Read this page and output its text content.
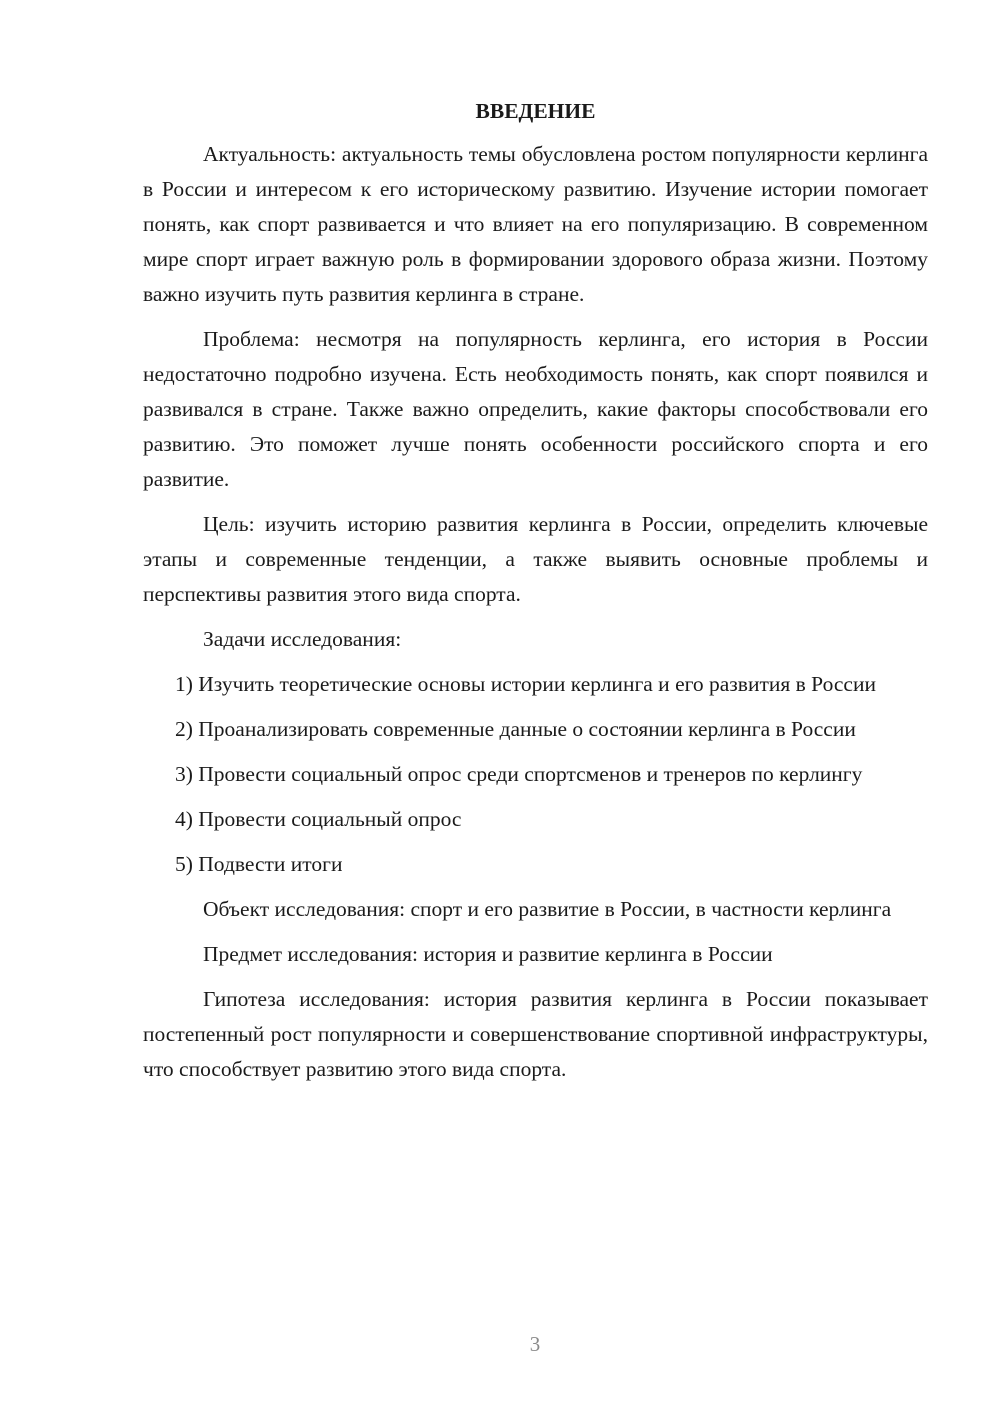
ВВЕДЕНИЕ

Актуальность: актуальность темы обусловлена ростом популярности керлинга в России и интересом к его историческому развитию. Изучение истории помогает понять, как спорт развивается и что влияет на его популяризацию. В современном мире спорт играет важную роль в формировании здорового образа жизни. Поэтому важно изучить путь развития керлинга в стране.

Проблема: несмотря на популярность керлинга, его история в России недостаточно подробно изучена. Есть необходимость понять, как спорт появился и развивался в стране. Также важно определить, какие факторы способствовали его развитию. Это поможет лучше понять особенности российского спорта и его развитие.

Цель: изучить историю развития керлинга в России, определить ключевые этапы и современные тенденции, а также выявить основные проблемы и перспективы развития этого вида спорта.

Задачи исследования:

1) Изучить теоретические основы истории керлинга и его развития в России

2) Проанализировать современные данные о состоянии керлинга в России

3) Провести социальный опрос среди спортсменов и тренеров по керлингу

4) Провести социальный опрос

5) Подвести итоги

Объект исследования: спорт и его развитие в России, в частности керлинга

Предмет исследования: история и развитие керлинга в России

Гипотеза исследования: история развития керлинга в России показывает постепенный рост популярности и совершенствование спортивной инфраструктуры, что способствует развитию этого вида спорта.

3
